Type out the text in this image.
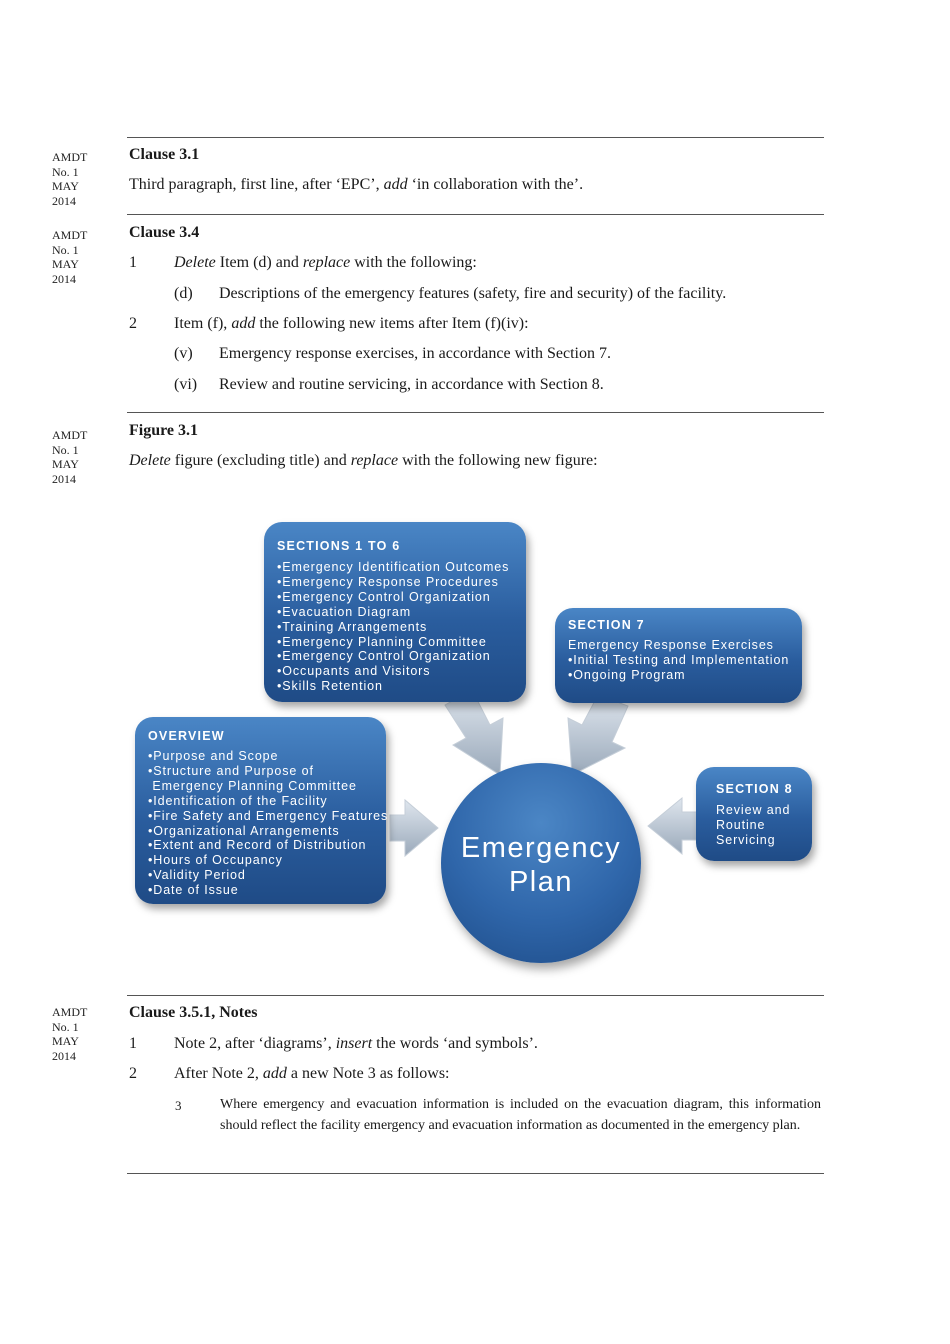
AMDT
No. 1
MAY
2014
Clause 3.1
Third paragraph, first line, after ‘EPC’, add ‘in collaboration with the’.
AMDT
No. 1
MAY
2014
Clause 3.4
1 Delete Item (d) and replace with the following:
(d) Descriptions of the emergency features (safety, fire and security) of the facility.
2 Item (f), add the following new items after Item (f)(iv):
(v) Emergency response exercises, in accordance with Section 7.
(vi) Review and routine servicing, in accordance with Section 8.
AMDT
No. 1
MAY
2014
Figure 3.1
Delete figure (excluding title) and replace with the following new figure:
SECTIONS 1 TO 6
•Emergency Identification Outcomes
•Emergency Response Procedures
•Emergency Control Organization
•Evacuation Diagram
•Training Arrangements
•Emergency Planning Committee
•Emergency Control Organization
•Occupants and Visitors
•Skills Retention
SECTION 7
Emergency Response Exercises
•Initial Testing and Implementation
•Ongoing Program
OVERVIEW
•Purpose and Scope
•Structure and Purpose of
Emergency Planning Committee
•Identification of the Facility
•Fire Safety and Emergency Features
•Organizational Arrangements
•Extent and Record of Distribution
•Hours of Occupancy
•Validity Period
•Date of Issue
SECTION 8
Review and
Routine
Servicing
Emergency
Plan
AMDT
No. 1
MAY
2014
Clause 3.5.1, Notes
1 Note 2, after ‘diagrams’, insert the words ‘and symbols’.
2 After Note 2, add a new Note 3 as follows:
3	Where emergency and evacuation information is included on the evacuation diagram, this information should reflect the facility emergency and evacuation information as documented in the emergency plan.
